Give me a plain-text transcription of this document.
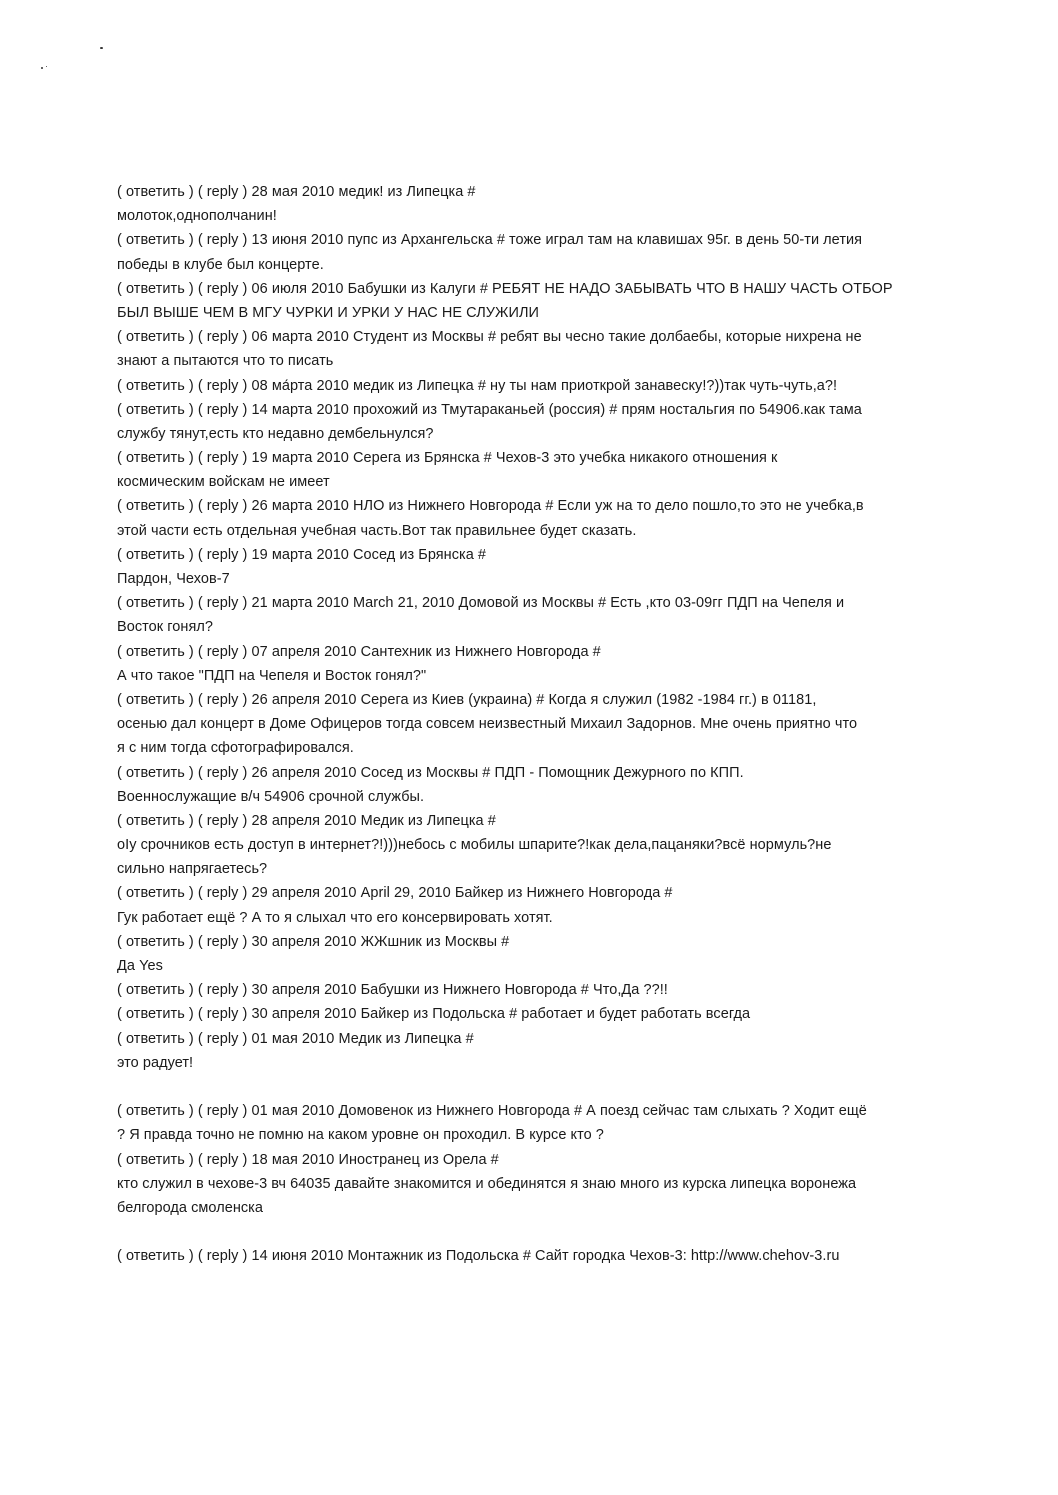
( ответить ) ( reply ) 28 мая 2010 медик! из Липецка #
молоток,однополчанин!
( ответить ) ( reply ) 13 июня 2010 пупс из Архангельска # тоже играл там на клавишах 95г. в день 50-ти летия
победы в клубе был концерте.
( ответить ) ( reply ) 06 июля 2010 Бабушки из Калуги # РЕБЯТ НЕ НАДО ЗАБЫВАТЬ ЧТО В НАШУ ЧАСТЬ ОТБОР
БЫЛ ВЫШЕ ЧЕМ В МГУ ЧУРКИ И УРКИ У НАС НЕ СЛУЖИЛИ
( ответить ) ( reply ) 06 марта 2010 Студент из Москвы # ребят вы чесно такие долбаебы, которые нихрена не
знают а пытаются что то писать
( ответить ) ( reply ) 08 ма́рта 2010 медик из Липецка # ну ты нам приоткрой занавеску!?))так чуть-чуть,а?!
( ответить ) ( reply ) 14 марта 2010 прохожий из Тмутараканьей (россия) # прям ностальгия по 54906.как тама
службу тянут,есть кто недавно дембельнулся?
( ответить ) ( reply ) 19 марта 2010 Серега из Брянска # Чехов-3 это учебка никакого отношения к
космическим войскам не имеет
( ответить ) ( reply ) 26 марта 2010 НЛО из Нижнего Новгорода # Если уж на то дело пошло,то это не учебка,в
этой части есть отдельная учебная часть.Вот так правильнее будет сказать.
( ответить ) ( reply ) 19 марта 2010 Сосед из Брянска #
Пардон, Чехов-7
( ответить ) ( reply ) 21 марта 2010 March 21, 2010 Домовой из Москвы # Есть ,кто 03-09гг ПДП на Чепеля и
Восток гонял?
( ответить ) ( reply ) 07 апреля 2010 Сантехник из Нижнего Новгорода #
А что такое "ПДП на Чепеля и Восток гонял?"
( ответить ) ( reply ) 26 апреля 2010 Серега из Киев (украина) # Когда я служил (1982 -1984 гг.) в 01181,
осенью дал концерт в Доме Офицеров тогда совсем неизвестный Михаил Задорнов. Мне очень приятно что
я с ним тогда сфотографировался.
( ответить ) ( reply ) 26 апреля 2010 Сосед из Москвы # ПДП - Помощник Дежурного по КПП.
Военнослужащие в/ч 54906 срочной службы.
( ответить ) ( reply ) 28 апреля 2010 Медик из Липецка #
оIу срочников есть доступ в интернет?!)))небось с мобилы шпарите?!как дела,пацаняки?всё нормуль?не
сильно напрягаетесь?
( ответить ) ( reply ) 29 апреля 2010 April 29, 2010 Байкер из Нижнего Новгорода #
Гук работает ещё ? А то я слыхал что его консервировать хотят.
( ответить ) ( reply ) 30 апреля 2010 ЖЖшник из Москвы #
Да Yes
( ответить ) ( reply ) 30 апреля 2010 Бабушки из Нижнего Новгорода # Что,Да ??!!
( ответить ) ( reply ) 30 апреля 2010 Байкер из Подольска # работает и будет работать всегда
( ответить ) ( reply ) 01 мая 2010 Медик из Липецка #
это радует!
( ответить ) ( reply ) 01 мая 2010 Домовенок из Нижнего Новгорода # А поезд сейчас там слыхать ? Ходит ещё
? Я правда точно не помню на каком уровне он проходил. В курсе кто ?
( ответить ) ( reply ) 18 мая 2010 Иностранец из Орела #
кто служил в чехове-3 вч 64035 давайте знакомится и обединятся я знаю много из курска липецка воронежа
белгорода смоленска
( ответить ) ( reply ) 14 июня 2010 Монтажник из Подольска # Сайт городка Чехов-3: http://www.chehov-3.ru
